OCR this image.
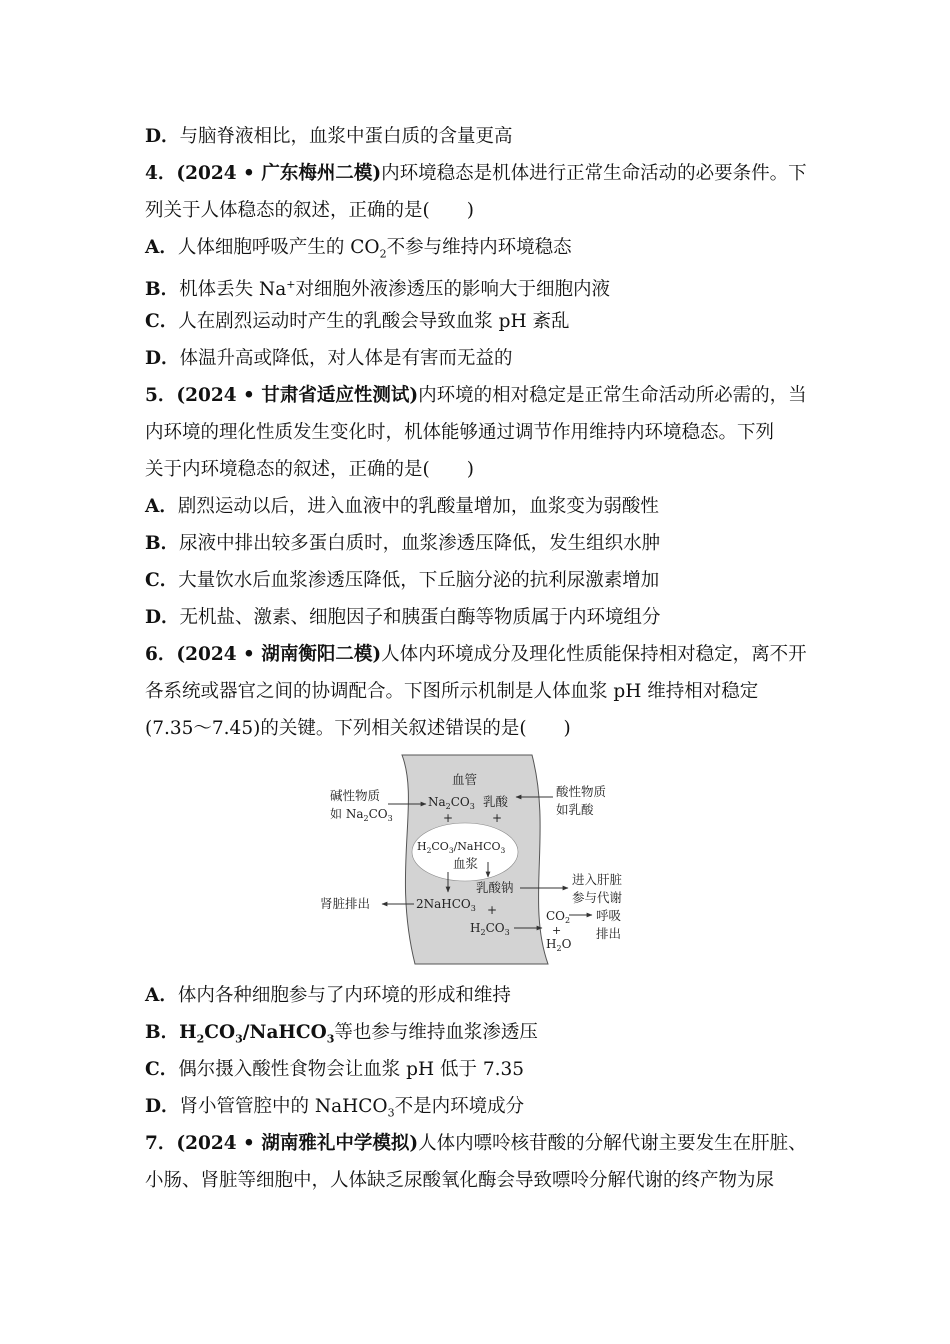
D．与脑脊液相比，血浆中蛋白质的含量更高
4．(2024 • 广东梅州二模)内环境稳态是机体进行正常生命活动的必要条件。下
列关于人体稳态的叙述，正确的是(　　)
A．人体细胞呼吸产生的 $CO_2$不参与维持内环境稳态
B．机体丢失 Na+对细胞外液渗透压的影响大于细胞内液
C．人在剧烈运动时产生的乳酸会导致血浆 pH 紊乱
D．体温升高或降低，对人体是有害而无益的
5．(2024 • 甘肃省适应性测试)内环境的相对稳定是正常生命活动所必需的，当
内环境的理化性质发生变化时，机体能够通过调节作用维持内环境稳态。下列
关于内环境稳态的叙述，正确的是(　　)
A．剧烈运动以后，进入血液中的乳酸量增加，血浆变为弱酸性
B．尿液中排出较多蛋白质时，血浆渗透压降低，发生组织水肿
C．大量饮水后血浆渗透压降低，下丘脑分泌的抗利尿激素增加
D．无机盐、激素、细胞因子和胰蛋白酶等物质属于内环境组分
6．(2024 • 湖南衡阳二模)人体内环境成分及理化性质能保持相对稳定，离不开
各系统或器官之间的协调配合。下图所示机制是人体血浆 pH 维持相对稳定
(7.35～7.45)的关键。下列相关叙述错误的是(　　)
血管
碱性物质
如 $Na_2CO_3$
酸性物质
如乳酸
$Na_2CO_3$ 乳酸
+	+
$H_2CO_3/NaHCO_3$
血浆
肾脏排出	2NaHCO$_3$
乳酸钠
+
$H_2CO_3$
进入肝脏
参与代谢
$CO_2$
+
$H_2O$
呼吸
排出
A．体内各种细胞参与了内环境的形成和维持
B．$H_2CO_3/NaHCO_3$等也参与维持血浆渗透压
C．偶尔摄入酸性食物会让血浆 pH 低于 7.35
D．肾小管管腔中的 NaHCO$_3$不是内环境成分
7．(2024 • 湖南雅礼中学模拟)人体内嘌呤核苷酸的分解代谢主要发生在肝脏、
小肠、肾脏等细胞中，人体缺乏尿酸氧化酶会导致嘌呤分解代谢的终产物为尿
